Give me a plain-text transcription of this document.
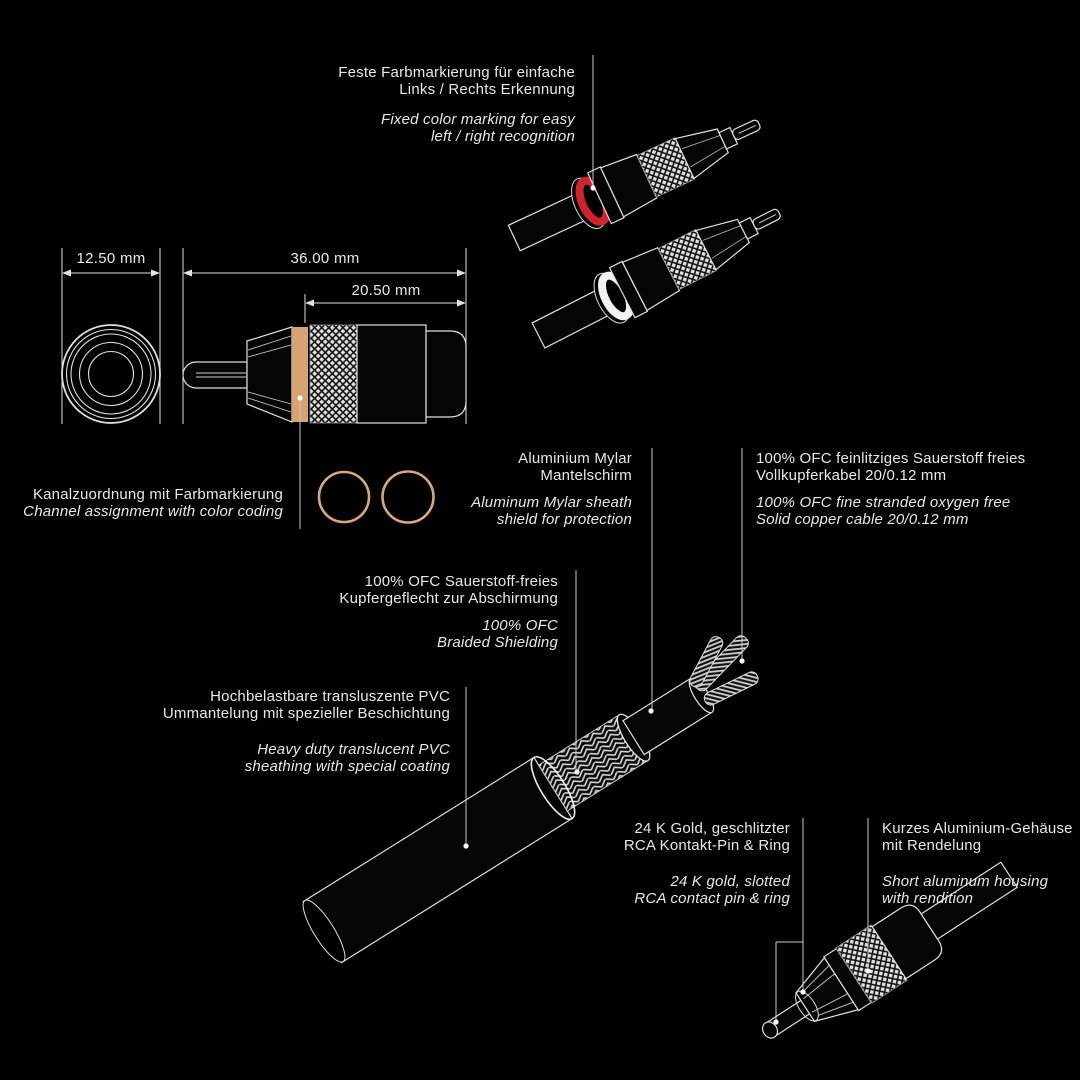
Feste Farbmarkierung für einfache
Links / Rechts Erkennung
Fixed color marking for easy
left / right recognition
12.50 mm	36.00 mm
20.50 mm
Kanalzuordnung mit Farbmarkierung
Channel assignment with color coding
Aluminium Mylar
Mantelschirm
Aluminum Mylar sheath
shield for protection
100% OFC feinlitziges Sauerstoff freies
Vollkupferkabel 20/0.12 mm
100% OFC fine stranded oxygen free
Solid copper cable 20/0.12 mm
100% OFC Sauerstoff-freies
Kupfergeflecht zur Abschirmung
100% OFC
Braided Shielding
Hochbelastbare transluszente PVC
Ummantelung mit spezieller Beschichtung
Heavy duty translucent PVC
sheathing with special coating
24 K Gold, geschlitzter
RCA Kontakt-Pin & Ring
24 K gold, slotted
RCA contact pin & ring
Kurzes Aluminium-Gehäuse
mit Rendelung
Short aluminum housing
with rendition
